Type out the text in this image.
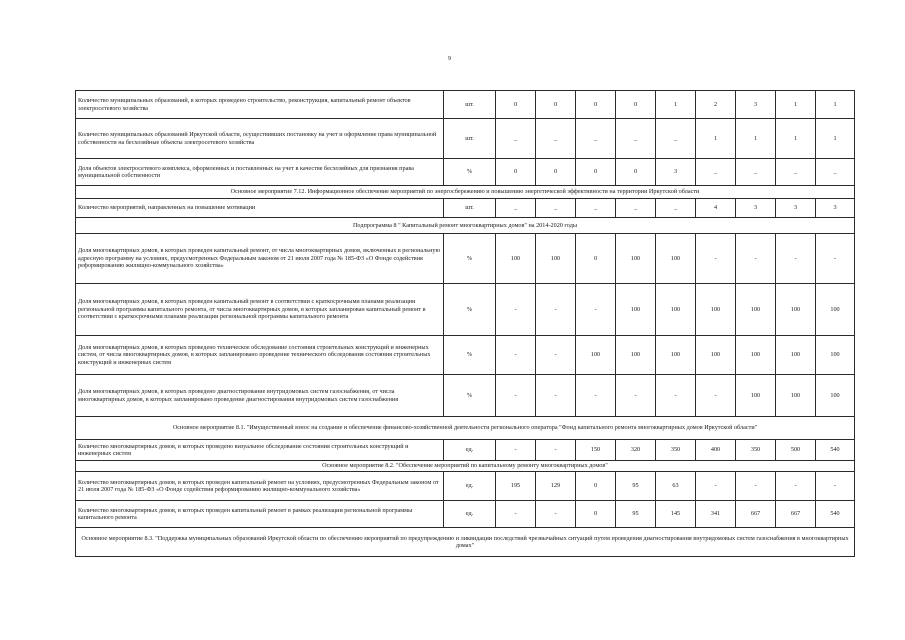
9
Количество муниципальных образований, в которых проведено строительство, реконструкция, капитальный ремонт объектов электросетевого хозяйства	шт.	0	0	0	0	1	2	3	1	1
Количество муниципальных образований Иркутской области, осуществивших постановку на учет и оформление права муниципальной собственности на бесхозяйные объекты электросетевого хозяйства	шт.	_	_	_	_	_	1	1	1	1
Доля объектов электросетевого комплекса, оформленных и поставленных на учет в качестве бесхозяйных для признания права муниципальной собственности	%	0	0	0	0	3	_	_	_	_
Основное мероприятие 7.12. Информационное обеспечение мероприятий по энергосбережению и повышению энергетической эффективности на территории Иркутской области										
Количество мероприятий, направленных на повышение мотивации	шт.	_	_	_	_	_	4	3	3	3
Подпрограмма 8 " Капитальный ремонт многоквартирных домов" на 2014-2020 годы										
Доля многоквартирных домов, в которых проведен капитальный ремонт, от числа многоквартирных домов, включенных в региональную адресную программу на условиях, предусмотренных Федеральным законом от 21 июля 2007 года № 185-ФЗ «О Фонде содействия реформированию жилищно-коммунального хозяйства»	%	100	100	0	100	100	-	-	-	-
Доля многоквартирных домов, в которых проведен капитальный ремонт в соответствии с краткосрочными планами реализации региональной программы капитального ремонта, от числа многоквартирных домов, в которых запланирован капитальный ремонт в соответствии с краткосрочными планами реализации региональной программы капитального ремонта	%	-	-	-	100	100	100	100	100	100
Доля многоквартирных домов, в которых проведено техническое обследование состояния строительных конструкций и инженерных систем, от числа многоквартирных домов, в которых запланировано проведение технического обследования состояния строительных конструкций и инженерных систем	%	-	-	100	100	100	100	100	100	100
Доля многоквартирных домов, в которых проведено диагностирование внутридомовых систем газоснабжения, от числа многоквартирных домов, в которых запланировано проведение диагностирования внутридомовых систем газоснабжения	%	-	-	-	-	-	-	100	100	100
Основное мероприятие 8.1. "Имущественный взнос на создание и обеспечение финансово-хозяйственной деятельности регионального оператора "Фонд капитального ремонта многоквартирных домов Иркутской области"										
Количество многоквартирных домов, в которых проведено визуальное обследование состояния строительных конструкций и инженерных систем	ед.	-	-	150	320	350	400	350	500	540
Основное мероприятие 8.2. "Обеспечение мероприятий по капитальному ремонту многоквартирных домов"										
Количество многоквартирных домов, в которых проведен капитальный ремонт на условиях, предусмотренных Федеральным законом от 21 июля 2007 года № 185-ФЗ «О Фонде содействия реформированию жилищно-коммунального хозяйства»	ед.	195	129	0	95	63	-	-	-	-
Количество многоквартирных домов, в которых проведен капитальный ремонт в рамках реализации региональной программы капитального ремонта	ед.	-	-	0	95	145	341	667	667	540
Основное мероприятие 8.3. "Поддержка муниципальных образований Иркутской области по обеспечению мероприятий по предупреждению и ликвидации последствий чрезвычайных ситуаций путем проведения диагностирования внутридомовых систем газоснабжения в многоквартирных домах"										
